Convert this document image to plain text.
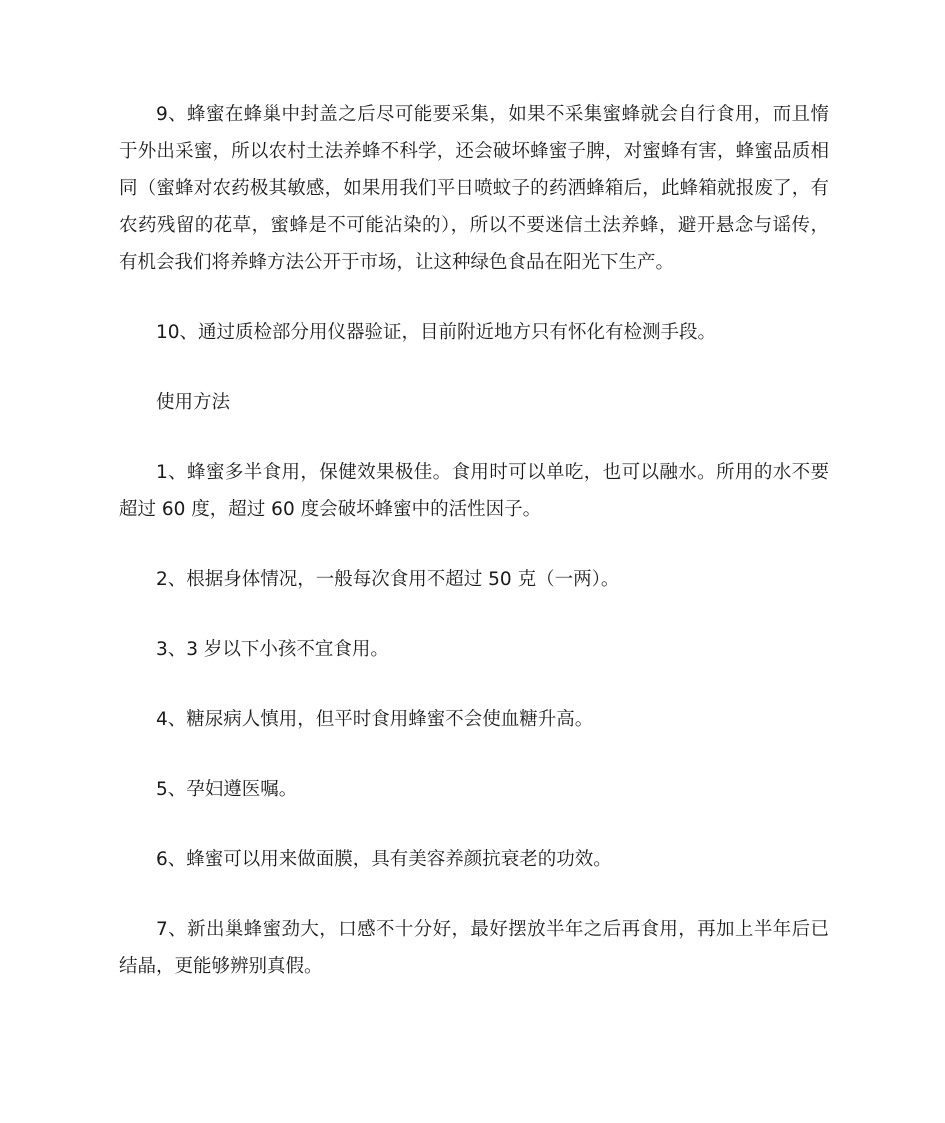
9、蜂蜜在蜂巢中封盖之后尽可能要采集，如果不采集蜜蜂就会自行食用，而且惰于外出采蜜，所以农村土法养蜂不科学，还会破坏蜂蜜子脾，对蜜蜂有害，蜂蜜品质相同（蜜蜂对农药极其敏感，如果用我们平日喷蚊子的药洒蜂箱后，此蜂箱就报废了，有农药残留的花草，蜜蜂是不可能沾染的），所以不要迷信土法养蜂，避开悬念与谣传，有机会我们将养蜂方法公开于市场，让这种绿色食品在阳光下生产。

10、通过质检部分用仪器验证，目前附近地方只有怀化有检测手段。

使用方法

1、蜂蜜多半食用，保健效果极佳。食用时可以单吃，也可以融水。所用的水不要超过 60 度，超过 60 度会破坏蜂蜜中的活性因子。

2、根据身体情况，一般每次食用不超过 50 克（一两）。

3、3 岁以下小孩不宜食用。

4、糖尿病人慎用，但平时食用蜂蜜不会使血糖升高。

5、孕妇遵医嘱。

6、蜂蜜可以用来做面膜，具有美容养颜抗衰老的功效。

7、新出巢蜂蜜劲大，口感不十分好，最好摆放半年之后再食用，再加上半年后已结晶，更能够辨别真假。
